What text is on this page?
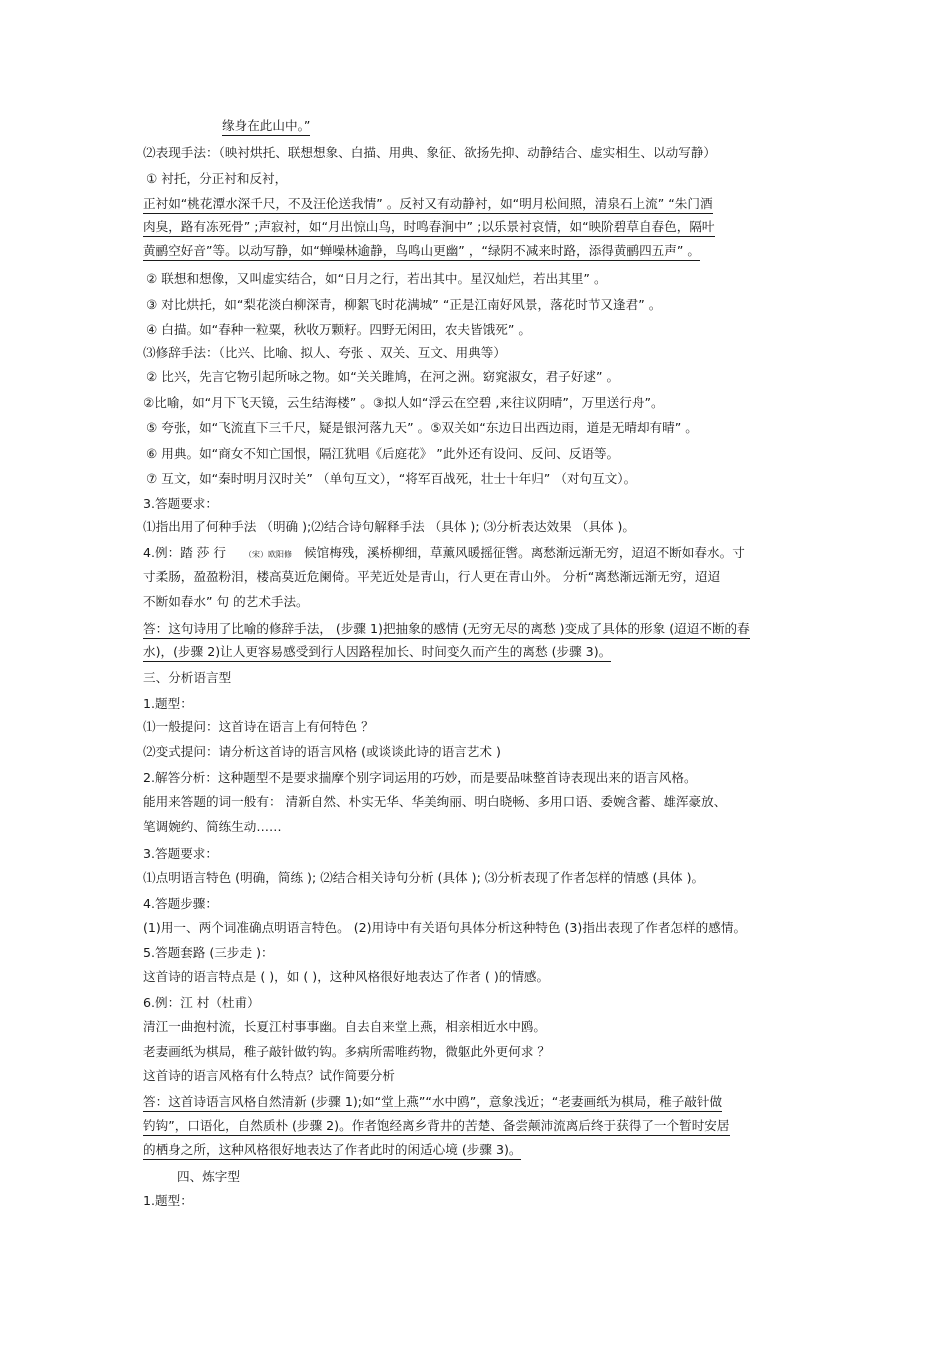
缘身在此山中。”
⑵表现手法：（映衬烘托、联想想象、白描、用典、象征、欲扬先抑、动静结合、虚实相生、以动写静）
① 衬托，分正衬和反衬，
正衬如“桃花潭水深千尺，不及汪伦送我情” 。反衬又有动静衬，如“明月松间照，清泉石上流” “朱门酒
肉臭，路有冻死骨” ;声寂衬，如“月出惊山鸟，时鸣春涧中” ;以乐景衬哀情，如“映阶碧草自春色，隔叶
黄鹂空好音”等。以动写静，如“蝉噪林逾静，鸟鸣山更幽” ，“绿阴不减来时路，添得黄鹂四五声” 。
② 联想和想像，又叫虚实结合，如“日月之行，若出其中。星汉灿烂，若出其里” 。
③ 对比烘托，如“梨花淡白柳深青，柳絮飞时花满城” “正是江南好风景，落花时节又逢君” 。
④ 白描。如“春种一粒粟，秋收万颗籽。四野无闲田，农夫皆饿死” 。
⑶修辞手法：（比兴、比喻、拟人、夸张 、双关、互文、用典等）
② 比兴，先言它物引起所咏之物。如“关关雎鸠，在河之洲。窈窕淑女，君子好逑” 。
②比喻，如“月下飞天镜，云生结海楼” 。③拟人如“浮云在空碧 ,来往议阴晴”，万里送行舟”。
⑤ 夸张，如“飞流直下三千尺，疑是银河落九天” 。⑤双关如“东边日出西边雨，道是无晴却有晴” 。
⑥ 用典。如“商女不知亡国恨，隔江犹唱《后庭花》 ”此外还有设问、反问、反语等。
⑦ 互文，如“秦时明月汉时关” （单句互文），“将军百战死，壮士十年归” （对句互文）。
3.答题要求：
⑴指出用了何种手法 （明确 );⑵结合诗句解释手法 （具体 ); ⑶分析表达效果 （具体 )。
4.例：踏 莎 行 （宋）欧阳修 候馆梅残，溪桥柳细，草薰风暖摇征辔。离愁渐远渐无穷，迢迢不断如春水。寸
寸柔肠，盈盈粉泪，楼高莫近危阑倚。平芜近处是青山，行人更在青山外。 分析“离愁渐远渐无穷，迢迢
不断如春水” 句 的艺术手法。
答：这句诗用了比喻的修辞手法， (步骤 1)把抽象的感情 (无穷无尽的离愁 )变成了具体的形象 (迢迢不断的春
水)，(步骤 2)让人更容易感受到行人因路程加长、时间变久而产生的离愁 (步骤 3)。
三、分析语言型
1.题型：
⑴一般提问：这首诗在语言上有何特色 ？
⑵变式提问：请分析这首诗的语言风格 (或谈谈此诗的语言艺术 )
2.解答分析：这种题型不是要求揣摩个别字词运用的巧妙，而是要品味整首诗表现出来的语言风格。
能用来答题的词一般有： 清新自然、朴实无华、华美绚丽、明白晓畅、多用口语、委婉含蓄、雄浑豪放、
笔调婉约、简练生动……
3.答题要求：
⑴点明语言特色 (明确，简练 ); ⑵结合相关诗句分析 (具体 ); ⑶分析表现了作者怎样的情感 (具体 )。
4.答题步骤：
(1)用一、两个词准确点明语言特色。 (2)用诗中有关语句具体分析这种特色 (3)指出表现了作者怎样的感情。
5.答题套路 (三步走 )：
这首诗的语言特点是 ( )，如 ( )，这种风格很好地表达了作者 ( )的情感。
6.例：江 村（杜甫）
清江一曲抱村流，长夏江村事事幽。自去自来堂上燕，相亲相近水中鸥。
老妻画纸为棋局，稚子敲针做钓钩。多病所需唯药物，微躯此外更何求 ？
这首诗的语言风格有什么特点？试作简要分析
答：这首诗语言风格自然清新 (步骤 1);如“堂上燕”“水中鸥”，意象浅近；“老妻画纸为棋局，稚子敲针做
钓钩”，口语化，自然质朴 (步骤 2)。作者饱经离乡背井的苦楚、备尝颠沛流离后终于获得了一个暂时安居
的栖身之所，这种风格很好地表达了作者此时的闲适心境 (步骤 3)。
四、炼字型
1.题型：
